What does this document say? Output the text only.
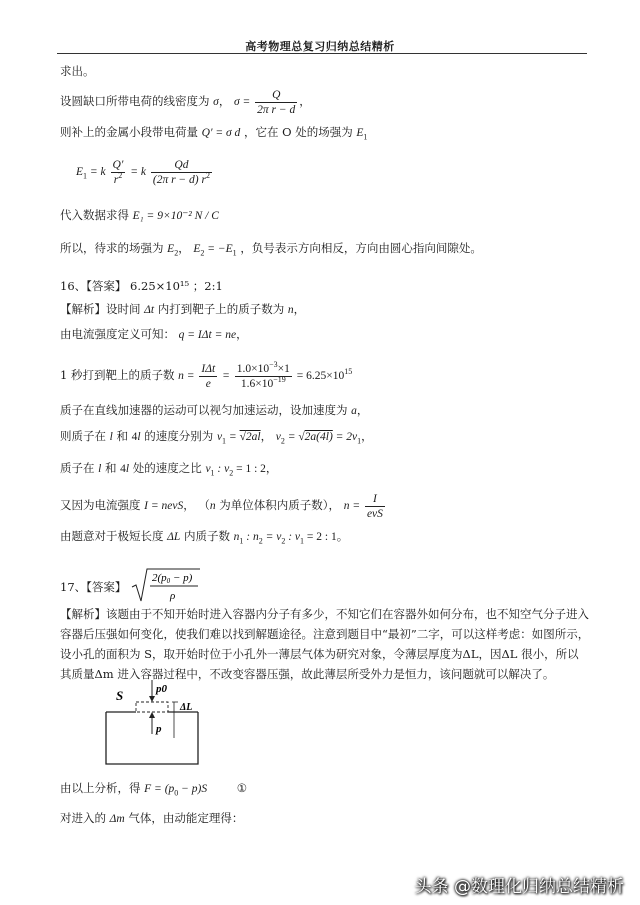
高考物理总复习归纳总结精析
求出。
设圆缺口所带电荷的线密度为 σ， $\sigma = \frac{Q}{\text{2π r − d}}$ ，
则补上的金属小段带电荷量 Q′ = σ d ，它在 O 处的场强为 $E_1$
$E_1 = k \frac{Q'}{r^2} = k \frac{Qd}{(2\pi r - d) r^2}$
代入数据求得 E₁ = 9×10⁻² N / C
所以，待求的场强为 $E_2$， $E_2 = -E_1$ ，负号表示方向相反，方向由圆心指向间隙处。
16、【答案】 6.25×10¹⁵ ；2:1
【解析】设时间 Δt 内打到靶子上的质子数为 n，
由电流强度定义可知： q = IΔt = ne，
1 秒打到靶上的质子数 $n = \frac{\text{IΔt}}{e} = \frac{1.0\times 10^{-3}\times 1}{1.6\times 10^{-19}} = 6.25\times 10^{15}$
质子在直线加速器的运动可以视匀加速运动，设加速度为 a，
则质子在 l 和 4l 的速度分别为 $v_1 = √2al$， $v_2 = √2a(4l) = 2v_1$，
质子在 l 和 4l 处的速度之比 $v_1$ : $v_2 = 1$ : 2，
又因为电流强度 I = nevS， （n 为单位体积内质子数）， $n = \frac{I}{\text{evS}}$
由题意对于极短长度 ΔL 内质子数 $n_1$ : $n_2 = v_2$ : $v_1 = 2$ : 1。
17、【答案】
2(p0 − p)
ρ
【解析】该题由于不知开始时进入容器内分子有多少，不知它们在容器外如何分布，也不知空气分子进入容器后压强如何变化，使我们难以找到解题途径。注意到题目中“最初”二字，可以这样考虑：如图所示，设小孔的面积为 S，取开始时位于小孔外一薄层气体为研究对象，令薄层厚度为ΔL，因ΔL 很小，所以其质量Δm 进入容器过程中，不改变容器压强，故此薄层所受外力是恒力，该问题就可以解决了。
S	p0
p
ΔL
由以上分析，得 $F = (p_0 - p)S$	①
对进入的 Δm 气体，由动能定理得：
头条 @数理化归纳总结精析
